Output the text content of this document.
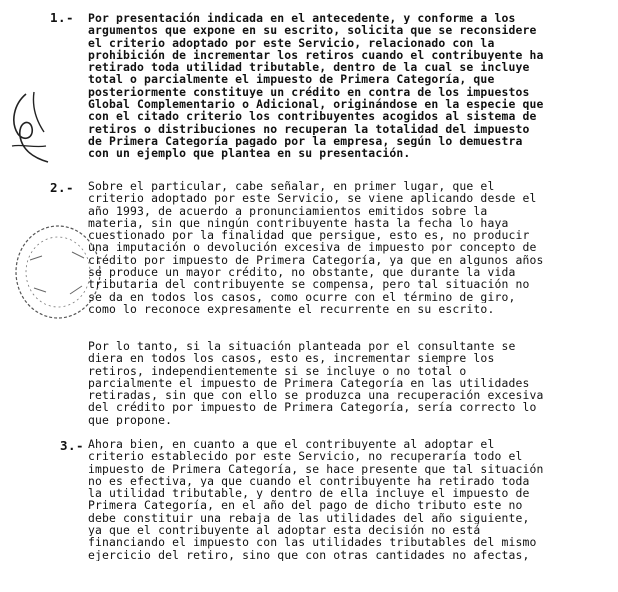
1.- Por presentación indicada en el antecedente, y conforme a los
argumentos que expone en su escrito, solicita que se reconsidere
el criterio adoptado por este Servicio, relacionado con la
prohibición de incrementar los retiros cuando el contribuyente ha
retirado toda utilidad tributable, dentro de la cual se incluye
total o parcialmente el impuesto de Primera Categoría, que
posteriormente constituye un crédito en contra de los impuestos
Global Complementario o Adicional, originándose en la especie que
con el citado criterio los contribuyentes acogidos al sistema de
retiros o distribuciones no recuperan la totalidad del impuesto
de Primera Categoría pagado por la empresa, según lo demuestra
con un ejemplo que plantea en su presentación.
2.- Sobre el particular, cabe señalar, en primer lugar, que el
criterio adoptado por este Servicio, se viene aplicando desde el
año 1993, de acuerdo a pronunciamientos emitidos sobre la
materia, sin que ningún contribuyente hasta la fecha lo haya
cuestionado por la finalidad que persigue, esto es, no producir
una imputación o devolución excesiva de impuesto por concepto de
crédito por impuesto de Primera Categoría, ya que en algunos años
se produce un mayor crédito, no obstante, que durante la vida
tributaria del contribuyente se compensa, pero tal situación no
se da en todos los casos, como ocurre con el término de giro,
como lo reconoce expresamente el recurrente en su escrito.
Por lo tanto, si la situación planteada por el consultante se
diera en todos los casos, esto es, incrementar siempre los
retiros, independientemente si se incluye o no total o
parcialmente el impuesto de Primera Categoría en las utilidades
retiradas, sin que con ello se produzca una recuperación excesiva
del crédito por impuesto de Primera Categoría, sería correcto lo
que propone.
3.- Ahora bien, en cuanto a que el contribuyente al adoptar el
criterio establecido por este Servicio, no recuperaría todo el
impuesto de Primera Categoría, se hace presente que tal situación
no es efectiva, ya que cuando el contribuyente ha retirado toda
la utilidad tributable, y dentro de ella incluye el impuesto de
Primera Categoría, en el año del pago de dicho tributo este no
debe constituir una rebaja de las utilidades del año siguiente,
ya que el contribuyente al adoptar esta decisión no está
financiando el impuesto con las utilidades tributables del mismo
ejercicio del retiro, sino que con otras cantidades no afectas,
